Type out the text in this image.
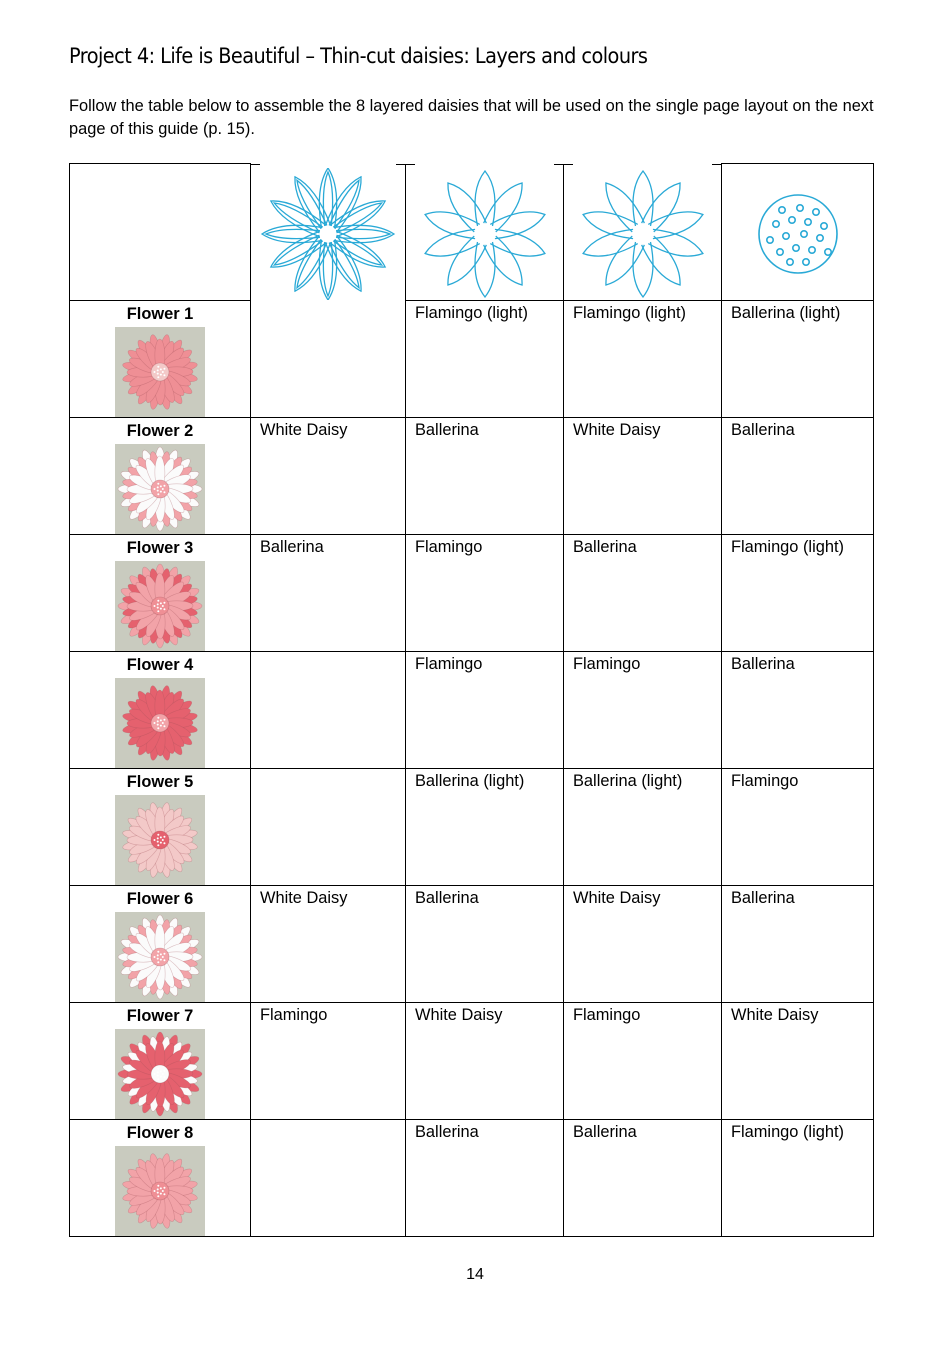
Project 4: Life is Beautiful – Thin-cut daisies: Layers and colours
Follow the table below to assemble the 8 layered daisies that will be used on the single page layout on the next page of this guide (p. 15).

Flower 1		Flamingo (light)	Flamingo (light)	Ballerina (light)

Flower 2	White Daisy	Ballerina	White Daisy	Ballerina

Flower 3	Ballerina	Flamingo	Ballerina	Flamingo (light)

Flower 4		Flamingo	Flamingo	Ballerina

Flower 5		Ballerina (light)	Ballerina (light)	Flamingo

Flower 6	White Daisy	Ballerina	White Daisy	Ballerina

Flower 7	Flamingo	White Daisy	Flamingo	White Daisy

Flower 8		Ballerina	Ballerina	Flamingo (light)
14
